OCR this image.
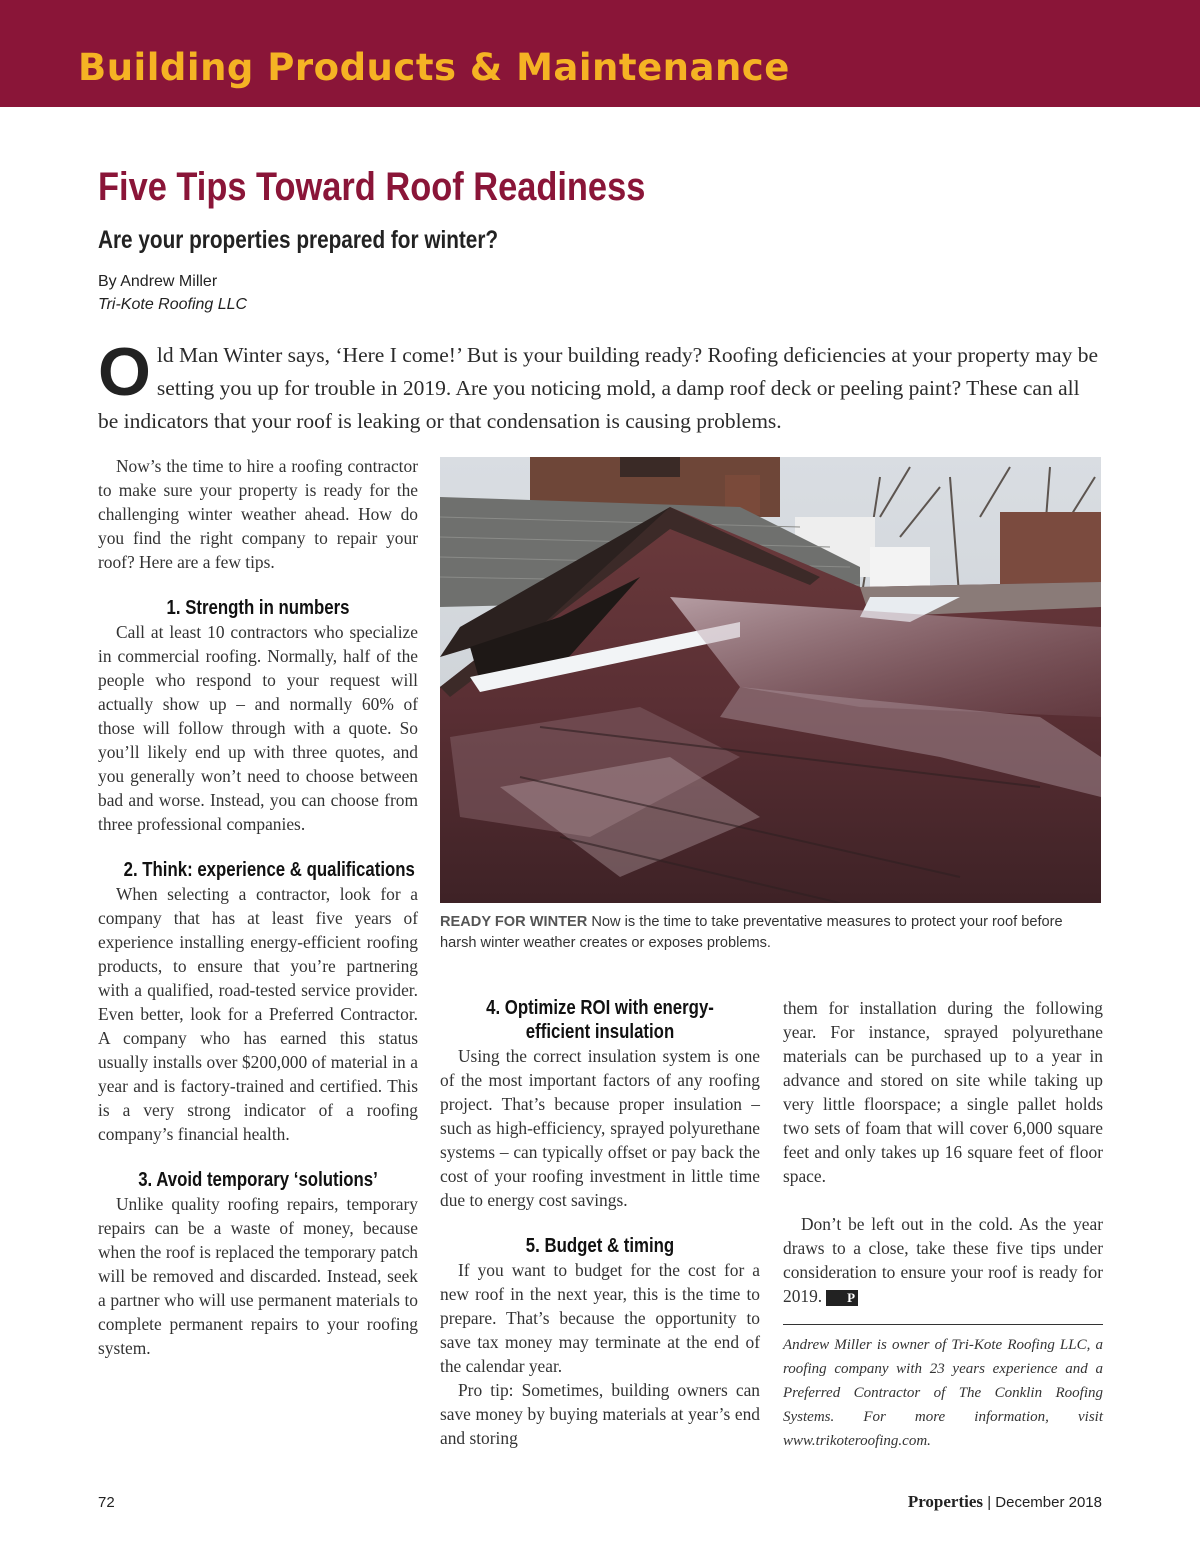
Building Products & Maintenance
Five Tips Toward Roof Readiness
Are your properties prepared for winter?
By Andrew Miller
Tri-Kote Roofing LLC
Old Man Winter says, ‘Here I come!’ But is your building ready? Roofing deficiencies at your property may be setting you up for trouble in 2019. Are you noticing mold, a damp roof deck or peeling paint? These can all be indicators that your roof is leaking or that condensation is causing problems.

Now’s the time to hire a roofing contractor to make sure your property is ready for the challenging winter weather ahead. How do you find the right company to repair your roof? Here are a few tips.

1. Strength in numbers

Call at least 10 contractors who specialize in commercial roofing. Normally, half of the people who respond to your request will actually show up – and normally 60% of those will follow through with a quote. So you’ll likely end up with three quotes, and you generally won’t need to choose between bad and worse. Instead, you can choose from three professional companies.

2. Think: experience & qualifications

When selecting a contractor, look for a company that has at least five years of experience installing energy-efficient roofing products, to ensure that you’re partnering with a qualified, road-tested service provider. Even better, look for a Preferred Contractor. A company who has earned this status usually installs over $200,000 of material in a year and is factory-trained and certified. This is a very strong indicator of a roofing company’s financial health.

3. Avoid temporary ‘solutions’

Unlike quality roofing repairs, temporary repairs can be a waste of money, because when the roof is replaced the temporary patch will be removed and discarded. Instead, seek a partner who will use permanent materials to complete permanent repairs to your roofing system.

READY FOR WINTER Now is the time to take preventative measures to protect your roof before harsh winter weather creates or exposes problems.
4. Optimize ROI with energy-efficient insulation

Using the correct insulation system is one of the most important factors of any roofing project. That’s because proper insulation – such as high-efficiency, sprayed polyurethane systems – can typically offset or pay back the cost of your roofing investment in little time due to energy cost savings.

5. Budget & timing

If you want to budget for the cost for a new roof in the next year, this is the time to prepare. That’s because the opportunity to save tax money may terminate at the end of the calendar year.

Pro tip: Sometimes, building owners can save money by buying materials at year’s end and storing

them for installation during the following year. For instance, sprayed polyurethane materials can be purchased up to a year in advance and stored on site while taking up very little floorspace; a single pallet holds two sets of foam that will cover 6,000 square feet and only takes up 16 square feet of floor space.

Don’t be left out in the cold. As the year draws to a close, take these five tips under consideration to ensure your roof is ready for 2019. P

Andrew Miller is owner of Tri-Kote Roofing LLC, a roofing company with 23 years experience and a Preferred Contractor of The Conklin Roofing Systems. For more information, visit www.trikoteroofing.com.

72	Properties | December 2018
